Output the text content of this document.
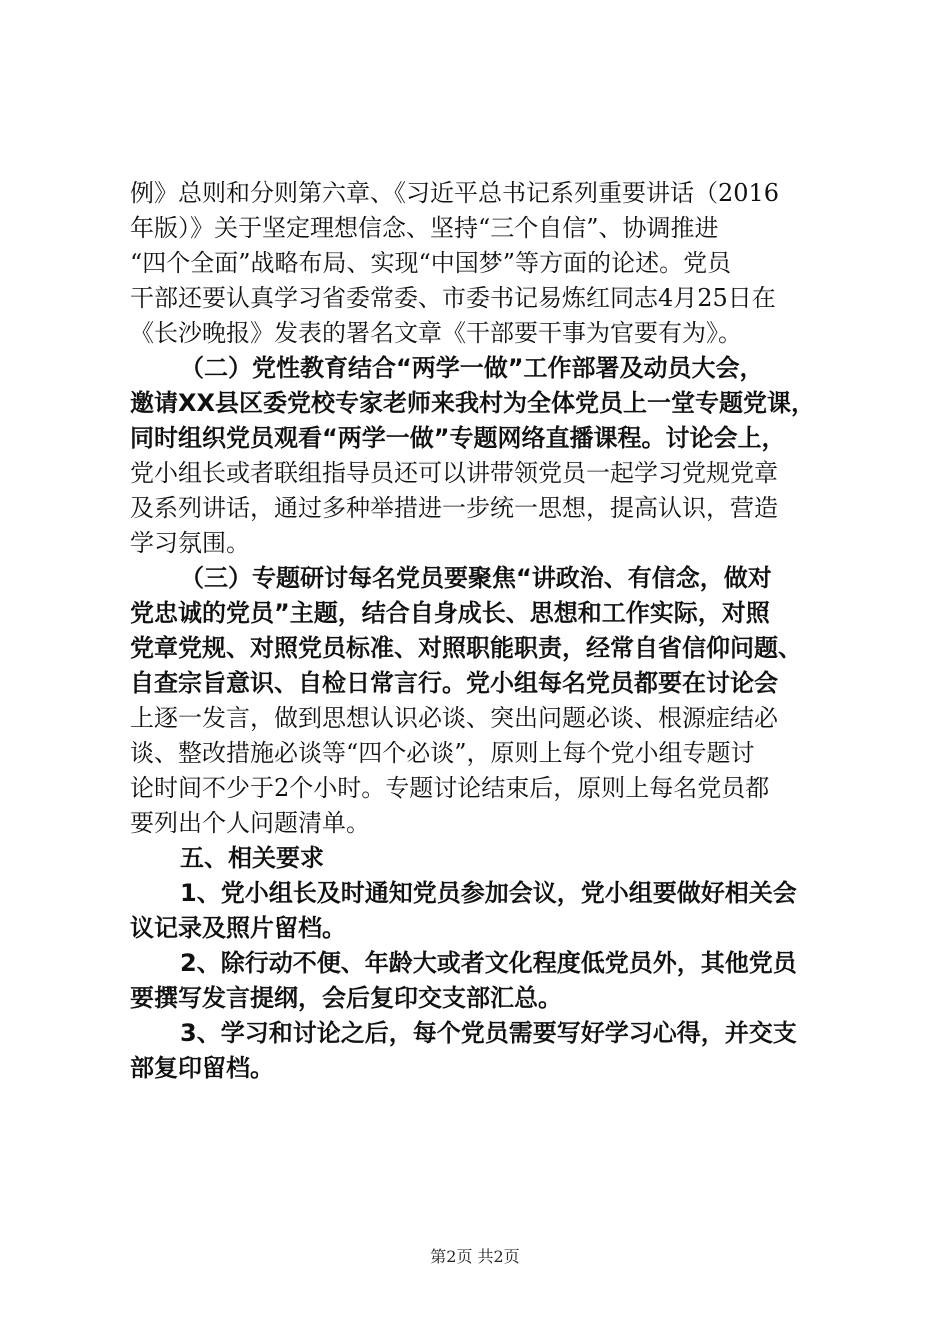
例》总则和分则第六章、《习近平总书记系列重要讲话（2016
年版）》关于坚定理想信念、坚持“三个自信”、协调推进
“四个全面”战略布局、实现“中国梦”等方面的论述。党员
干部还要认真学习省委常委、市委书记易炼红同志4月25日在
《长沙晚报》发表的署名文章《干部要干事为官要有为》。
（二）党性教育结合“两学一做”工作部署及动员大会，
邀请XX县区委党校专家老师来我村为全体党员上一堂专题党课，
同时组织党员观看“两学一做”专题网络直播课程。讨论会上，
党小组长或者联组指导员还可以讲带领党员一起学习党规党章
及系列讲话，通过多种举措进一步统一思想，提高认识，营造
学习氛围。
（三）专题研讨每名党员要聚焦“讲政治、有信念，做对
党忠诚的党员”主题，结合自身成长、思想和工作实际，对照
党章党规、对照党员标准、对照职能职责，经常自省信仰问题、
自查宗旨意识、自检日常言行。党小组每名党员都要在讨论会
上逐一发言，做到思想认识必谈、突出问题必谈、根源症结必
谈、整改措施必谈等“四个必谈”，原则上每个党小组专题讨
论时间不少于2个小时。专题讨论结束后，原则上每名党员都
要列出个人问题清单。
五、相关要求
1、党小组长及时通知党员参加会议，党小组要做好相关会
议记录及照片留档。
2、除行动不便、年龄大或者文化程度低党员外，其他党员
要撰写发言提纲，会后复印交支部汇总。
3、学习和讨论之后，每个党员需要写好学习心得，并交支
部复印留档。
第2页 共2页
